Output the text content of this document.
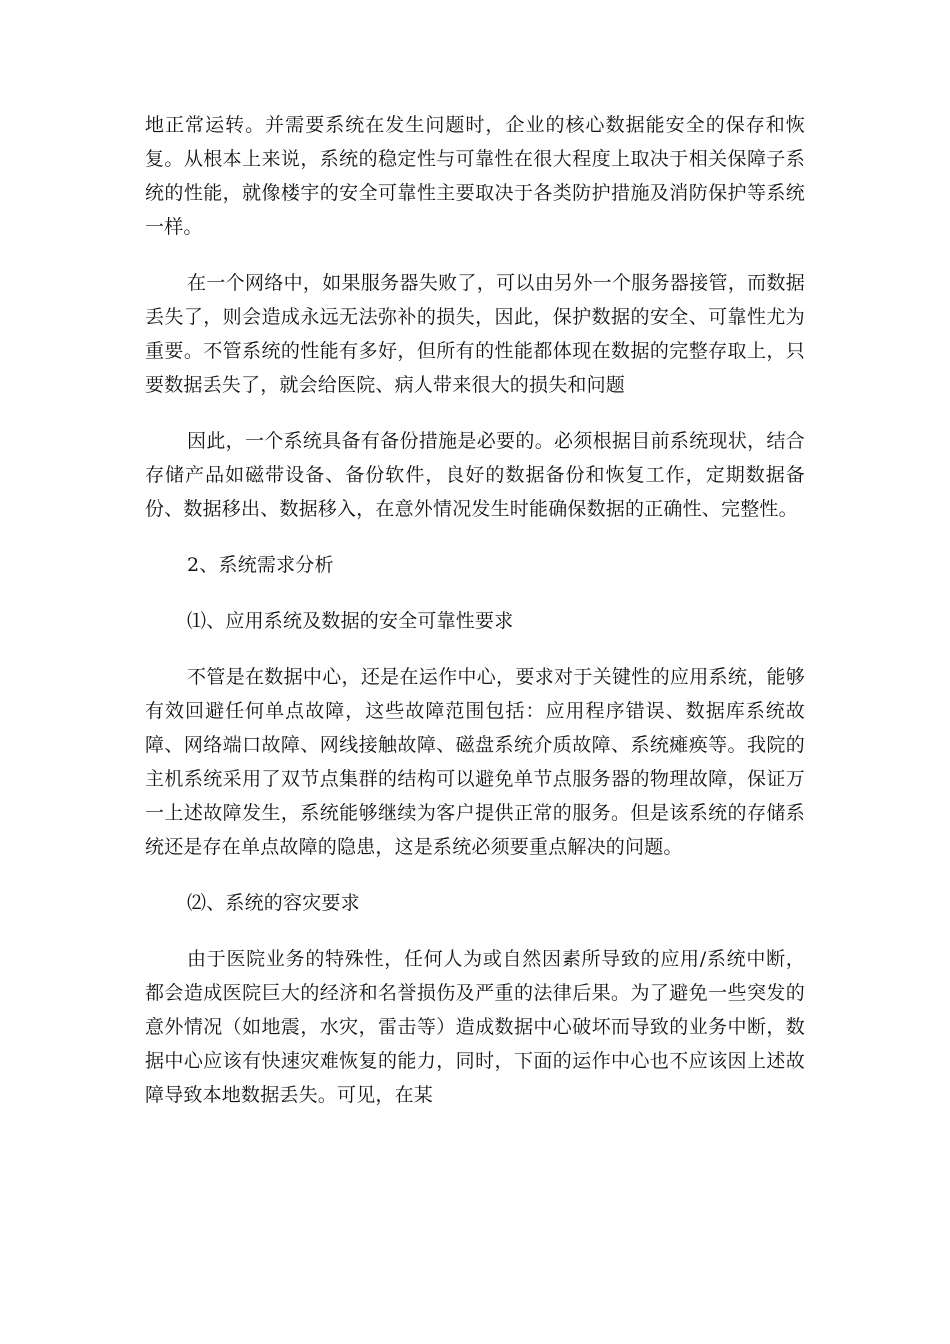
地正常运转。并需要系统在发生问题时，企业的核心数据能安全的保存和恢复。从根本上来说，系统的稳定性与可靠性在很大程度上取决于相关保障子系统的性能，就像楼宇的安全可靠性主要取决于各类防护措施及消防保护等系统一样。

在一个网络中，如果服务器失败了，可以由另外一个服务器接管，而数据丢失了，则会造成永远无法弥补的损失，因此，保护数据的安全、可靠性尤为重要。不管系统的性能有多好，但所有的性能都体现在数据的完整存取上，只要数据丢失了，就会给医院、病人带来很大的损失和问题

因此，一个系统具备有备份措施是必要的。必须根据目前系统现状，结合存储产品如磁带设备、备份软件，良好的数据备份和恢复工作，定期数据备份、数据移出、数据移入，在意外情况发生时能确保数据的正确性、完整性。

2、系统需求分析

⑴、应用系统及数据的安全可靠性要求

不管是在数据中心，还是在运作中心，要求对于关键性的应用系统，能够有效回避任何单点故障，这些故障范围包括：应用程序错误、数据库系统故障、网络端口故障、网线接触故障、磁盘系统介质故障、系统瘫痪等。我院的主机系统采用了双节点集群的结构可以避免单节点服务器的物理故障，保证万一上述故障发生，系统能够继续为客户提供正常的服务。但是该系统的存储系统还是存在单点故障的隐患，这是系统必须要重点解决的问题。

⑵、系统的容灾要求

由于医院业务的特殊性，任何人为或自然因素所导致的应用/系统中断，都会造成医院巨大的经济和名誉损伤及严重的法律后果。为了避免一些突发的意外情况（如地震，水灾，雷击等）造成数据中心破坏而导致的业务中断，数据中心应该有快速灾难恢复的能力，同时，下面的运作中心也不应该因上述故障导致本地数据丢失。可见，在某
